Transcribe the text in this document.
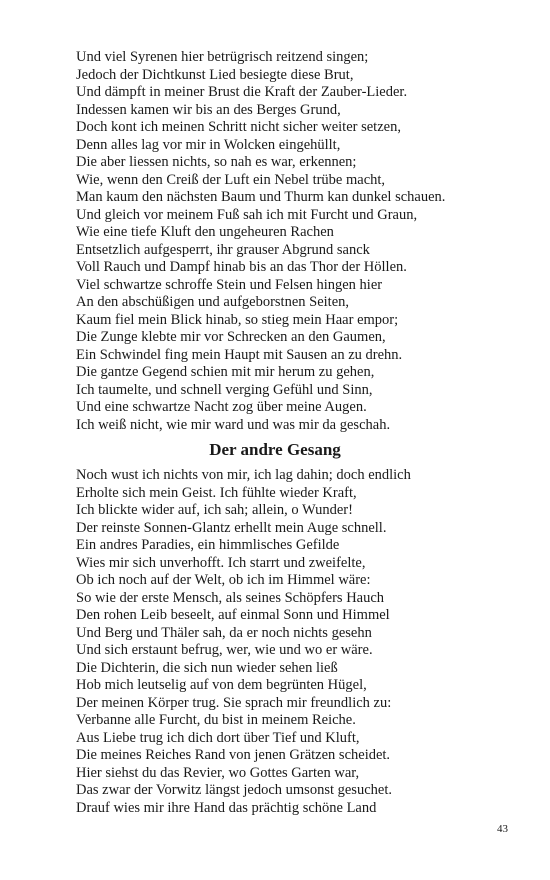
Und viel Syrenen hier betrügrisch reitzend singen;
Jedoch der Dichtkunst Lied besiegte diese Brut,
Und dämpft in meiner Brust die Kraft der Zauber-Lieder.
Indessen kamen wir bis an des Berges Grund,
Doch kont ich meinen Schritt nicht sicher weiter setzen,
Denn alles lag vor mir in Wolcken eingehüllt,
Die aber liessen nichts, so nah es war, erkennen;
Wie, wenn den Creiß der Luft ein Nebel trübe macht,
Man kaum den nächsten Baum und Thurm kan dunkel schauen.
Und gleich vor meinem Fuß sah ich mit Furcht und Graun,
Wie eine tiefe Kluft den ungeheuren Rachen
Entsetzlich aufgesperrt, ihr grauser Abgrund sanck
Voll Rauch und Dampf hinab bis an das Thor der Höllen.
Viel schwartze schroffe Stein und Felsen hingen hier
An den abschüßigen und aufgeborstnen Seiten,
Kaum fiel mein Blick hinab, so stieg mein Haar empor;
Die Zunge klebte mir vor Schrecken an den Gaumen,
Ein Schwindel fing mein Haupt mit Sausen an zu drehn.
Die gantze Gegend schien mit mir herum zu gehen,
Ich taumelte, und schnell verging Gefühl und Sinn,
Und eine schwartze Nacht zog über meine Augen.
Ich weiß nicht, wie mir ward und was mir da geschah.
Der andre Gesang
Noch wust ich nichts von mir, ich lag dahin; doch endlich
Erholte sich mein Geist. Ich fühlte wieder Kraft,
Ich blickte wider auf, ich sah; allein, o Wunder!
Der reinste Sonnen-Glantz erhellt mein Auge schnell.
Ein andres Paradies, ein himmlisches Gefilde
Wies mir sich unverhofft. Ich starrt und zweifelte,
Ob ich noch auf der Welt, ob ich im Himmel wäre:
So wie der erste Mensch, als seines Schöpfers Hauch
Den rohen Leib beseelt, auf einmal Sonn und Himmel
Und Berg und Thäler sah, da er noch nichts gesehn
Und sich erstaunt befrug, wer, wie und wo er wäre.
Die Dichterin, die sich nun wieder sehen ließ
Hob mich leutselig auf von dem begrünten Hügel,
Der meinen Körper trug. Sie sprach mir freundlich zu:
Verbanne alle Furcht, du bist in meinem Reiche.
Aus Liebe trug ich dich dort über Tief und Kluft,
Die meines Reiches Rand von jenen Grätzen scheidet.
Hier siehst du das Revier, wo Gottes Garten war,
Das zwar der Vorwitz längst jedoch umsonst gesuchet.
Drauf wies mir ihre Hand das prächtig schöne Land
43
